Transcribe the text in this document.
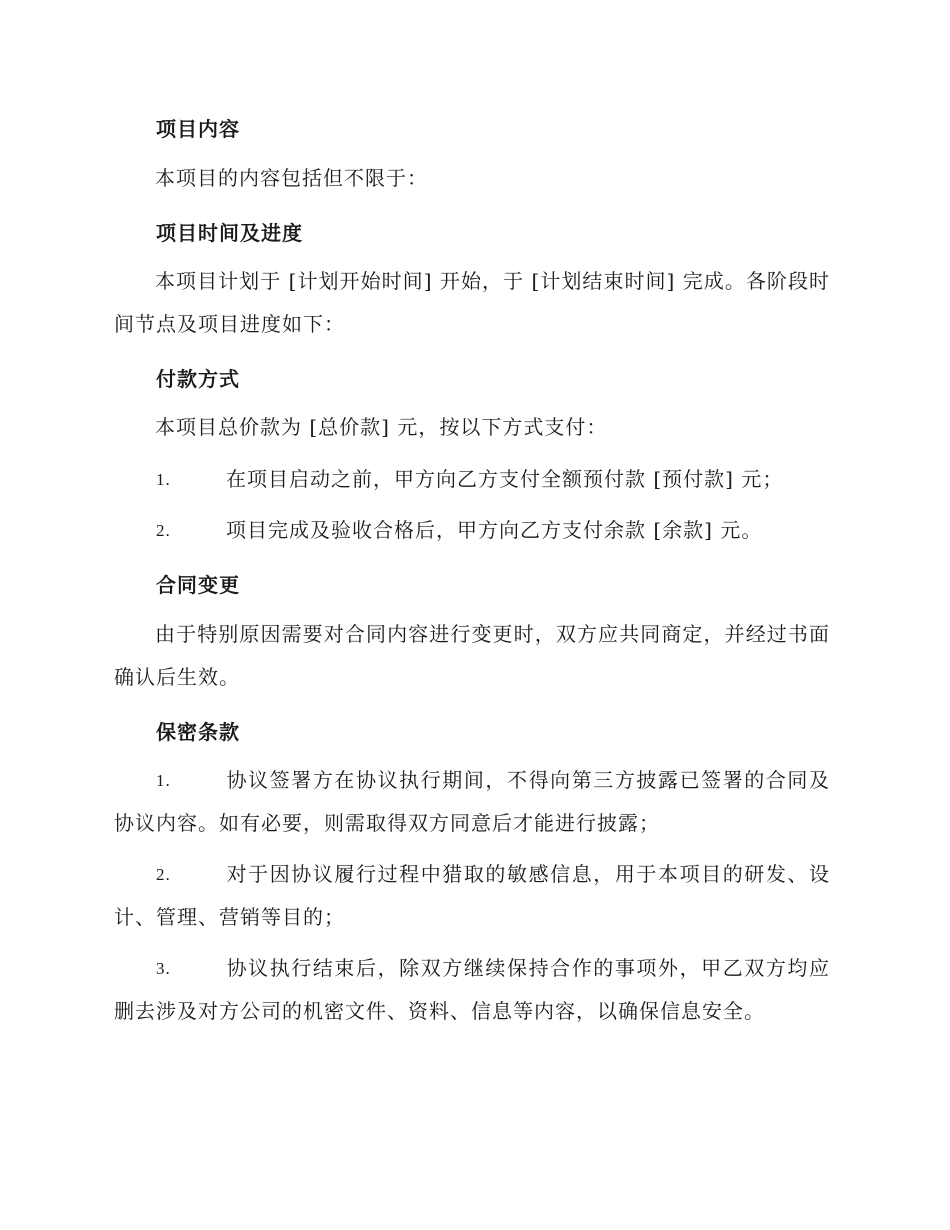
项目内容
本项目的内容包括但不限于：
项目时间及进度
本项目计划于 [计划开始时间] 开始，于 [计划结束时间] 完成。各阶段时间节点及项目进度如下：
付款方式
本项目总价款为 [总价款] 元，按以下方式支付：
1.	在项目启动之前，甲方向乙方支付全额预付款 [预付款] 元；
2.	项目完成及验收合格后，甲方向乙方支付余款 [余款] 元。
合同变更
由于特别原因需要对合同内容进行变更时，双方应共同商定，并经过书面确认后生效。
保密条款
1.	协议签署方在协议执行期间，不得向第三方披露已签署的合同及协议内容。如有必要，则需取得双方同意后才能进行披露；
2.	对于因协议履行过程中猎取的敏感信息，用于本项目的研发、设计、管理、营销等目的；
3.	协议执行结束后，除双方继续保持合作的事项外，甲乙双方均应删去涉及对方公司的机密文件、资料、信息等内容，以确保信息安全。
